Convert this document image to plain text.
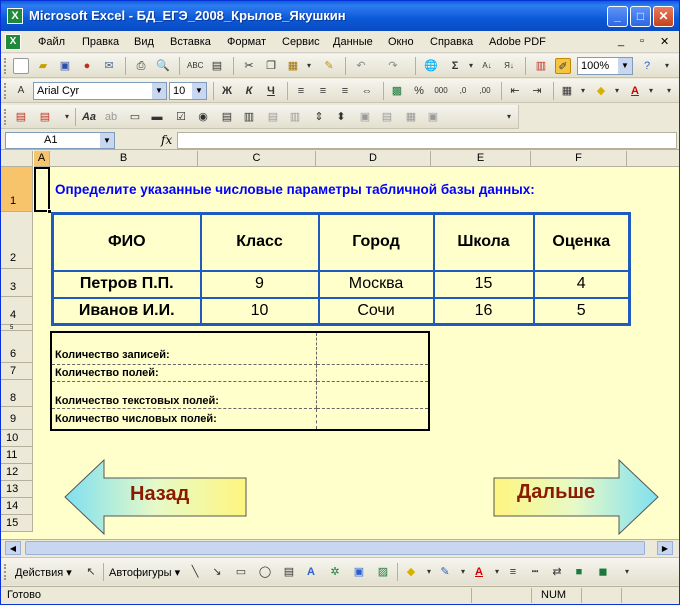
X Microsoft Excel - БД_ЕГЭ_2008_Крылов_Якушкин	_	□	✕
X	Файл Правка Вид Вставка Формат Сервис Данные Окно Справка Adobe PDF	_ ▫ ✕
▰	▣	●	✉	⎙ 🔍 ABC ▤	✂	❐ ▦	▾	✎	↶	↷	🌐	Σ	▾	А↓	Я↓ ▥	✐	100%	▼	?	▾
A	Arial Cyr	▼ 10	▼ Ж	К	Ч	≡	≡	≡	⇔ ▩ %	000	,0	,00	⇤	⇥	▦	▾	◆	▾	A	▾	▾
▤ ▤	▾	Aa ab ▭ ▬ ☑ ◉ ▤ ▥ ▤ ▥	⇕	⬍	▣ ▤ ▦ ▣	▾
A1	▼	fx
A	B	C	D	E	F
1
2
3
4
5
6
7
8
9
10
11
12
13
14
15
Определите указанные числовые параметры табличной базы данных:
ФИО	Класс	Город	Школа	Оценка
Петров П.П.	9	Москва	15	4
Иванов И.И.	10	Сочи	16	5
Количество записей:	
Количество полей:	
Количество текстовых полей:	
Количество числовых полей:	
Назад	Дальше
◀	▶
Действия ▾	↖	Автофигуры ▾	╲	↘	▭ ◯ ▤	A	✲	▣ ▨	◆	▾ ✎	▾ A	▾ ≡	┅	⇄	■	◼	▾
Готово	NUM
